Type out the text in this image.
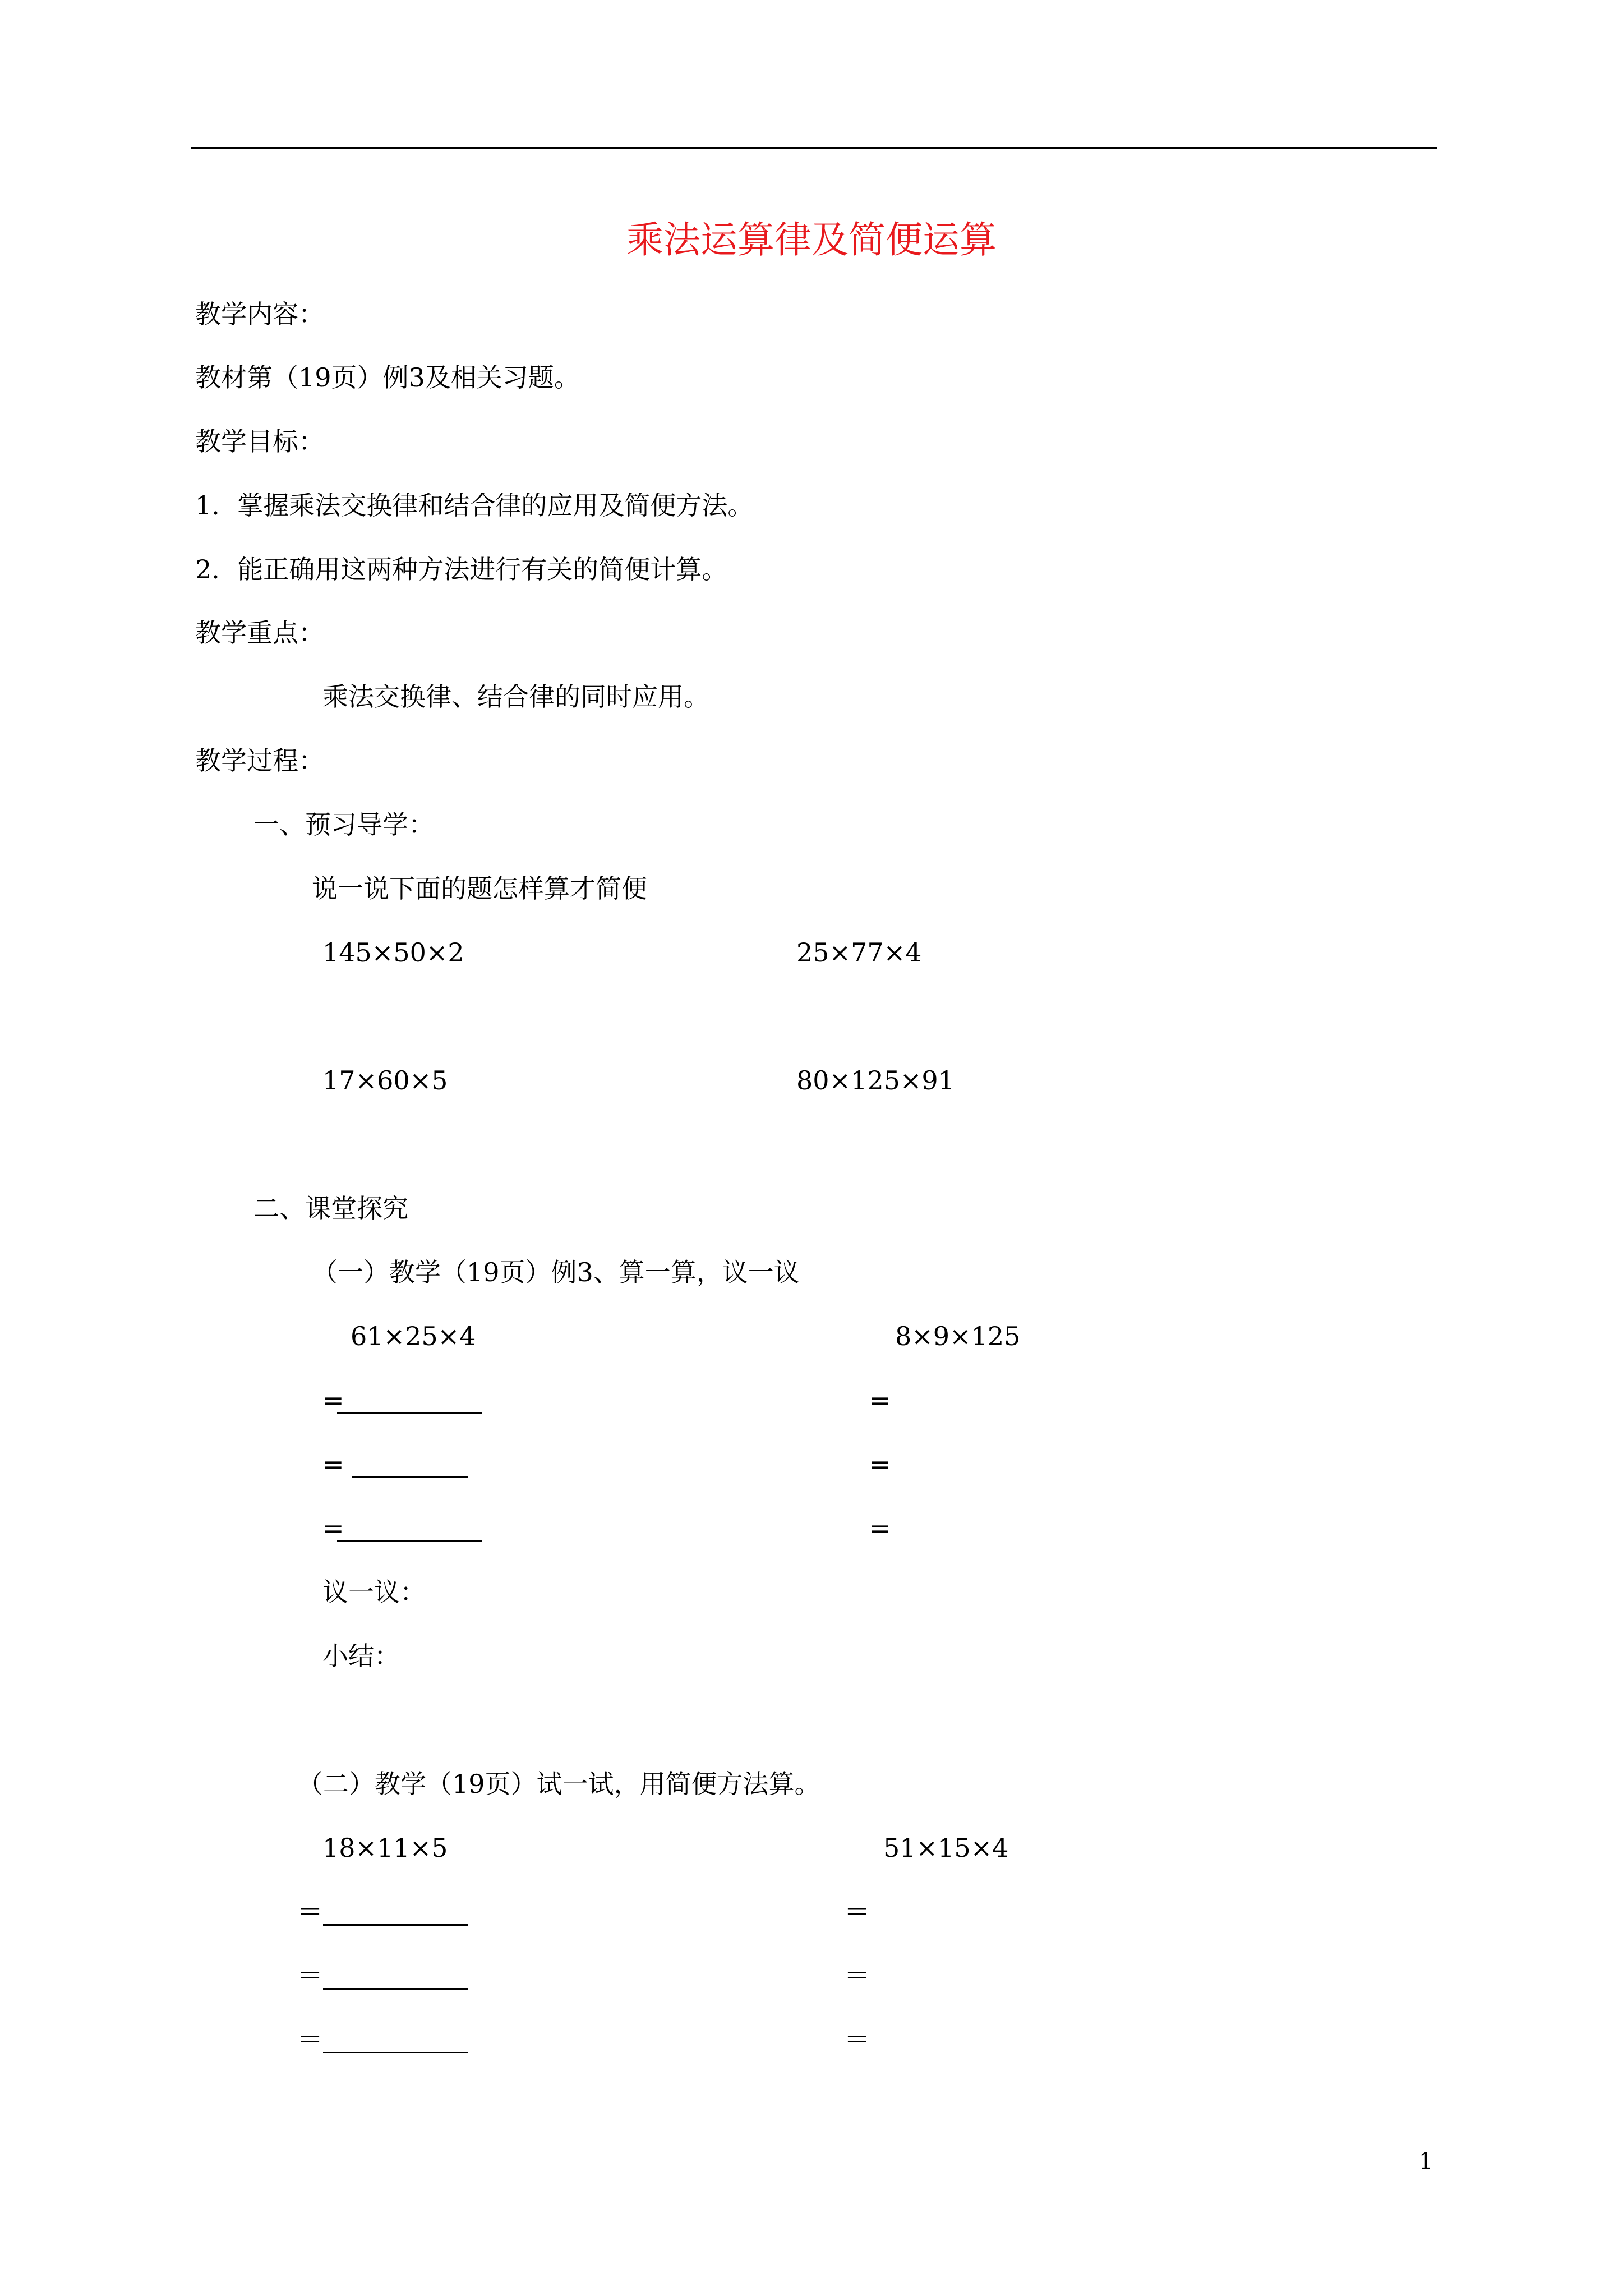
乘法运算律及简便运算
教学内容：
教材第（19页）例3及相关习题。
教学目标：
1．掌握乘法交换律和结合律的应用及简便方法。
2．能正确用这两种方法进行有关的简便计算。
教学重点：
乘法交换律、结合律的同时应用。
教学过程：
一、预习导学：
说一说下面的题怎样算才简便
145×50×2	25×77×4
17×60×5	80×125×91
二、课堂探究
（一）教学（19页）例3、算一算，议一议
61×25×4	8×9×125
=	=
=	=
=	=
议一议：
小结：
（二）教学（19页）试一试，用简便方法算。
18×11×5	51×15×4
＝	＝
＝	＝
＝	＝
1
